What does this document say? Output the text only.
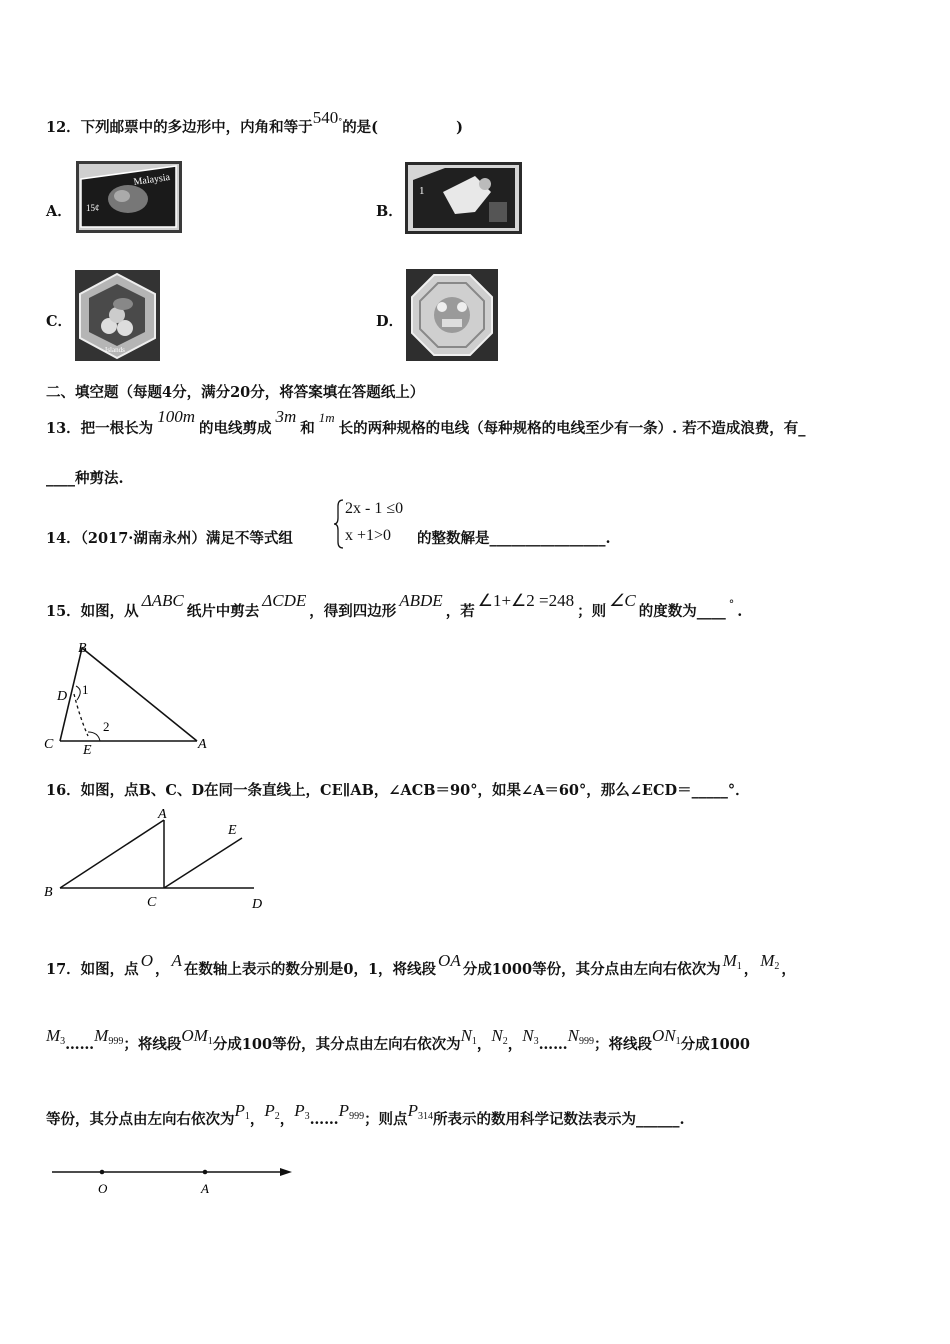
12．下列邮票中的多边形中，内角和等于540°的是(	)
A．
Malaysia
15¢	B．
1
C．
Islands
D．
二、填空题（每题4分，满分20分，将答案填在答题纸上）
13．把一根长为100m的电线剪成3m和1m长的两种规格的电线（每种规格的电线至少有一条）. 若不造成浪费，有_
____种剪法.
14．（2017·湖南永州）满足不等式组
2x - 1 ≤0
x +1>0 的整数解是________________.
15．如图，从ΔABC纸片中剪去ΔCDE，得到四边形ABDE，若∠1+∠2 =248；则∠C的度数为____ ° .
B
D 1
2
C E	A
16．如图，点B、C、D在同一条直线上，CE∥AB，∠ACB＝90°，如果∠A＝60°，那么∠ECD＝_____°．
A
E
B
C	D
17．如图，点 O ， A 在数轴上表示的数分别是0，1，将线段 OA 分成1000等份，其分点由左向右依次为 $M_1$ ， $M_2$ ，
$M_3\dots\dots M_{999}$；将线段$OM_1$分成100等份，其分点由左向右依次为$N_1$，$N_2$，$N_3\dots\dots N_{999}$；将线段$ON_1$分成1000
等份，其分点由左向右依次为$P_1$，$P_2$，$P_3\dots\dots P_{999}$；则点$P_{314}$所表示的数用科学记数法表示为______.
O	A
